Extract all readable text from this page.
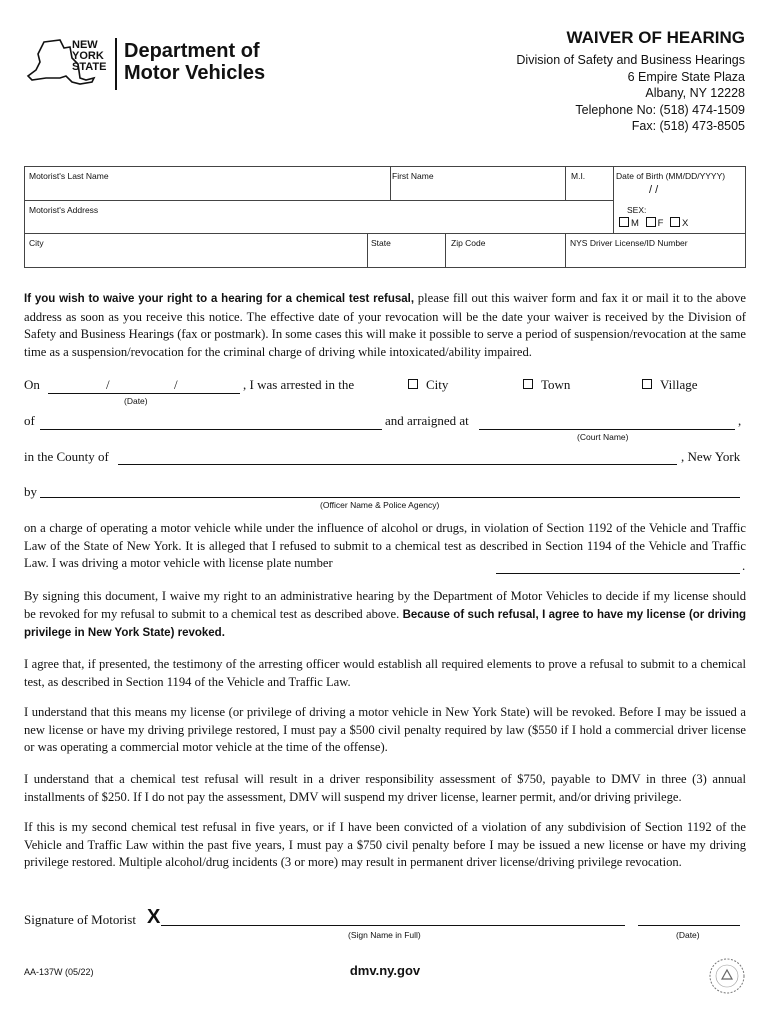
NEW
YORK
STATE
Department of
Motor Vehicles
WAIVER OF HEARING
Division of Safety and Business Hearings
6 Empire State Plaza
Albany, NY 12228
Telephone No: (518) 474-1509
Fax: (518) 473-8505
Motorist's Last Name	First Name	M.I.	Date of Birth (MM/DD/YYYY)
/ /
Motorist's Address	SEX:
M F X
City	State	Zip Code	NYS Driver License/ID Number
If you wish to waive your right to a hearing for a chemical test refusal, please fill out this waiver form and fax it or mail it to the above address as soon as you receive this notice. The effective date of your revocation will be the date your waiver is received by the Division of Safety and Business Hearings (fax or postmark). In some cases this will make it possible to serve a period of suspension/revocation at the same time as a suspension/revocation for the criminal charge of driving while intoxicated/ability impaired.
On	/	/	, I was arrested in the
(Date)
City	Town	Village
of	and arraigned at	,
(Court Name)
in the County of	, New York
by
(Officer Name & Police Agency)
on a charge of operating a motor vehicle while under the influence of alcohol or drugs, in violation of Section 1192 of the Vehicle and Traffic Law of the State of New York. It is alleged that I refused to submit to a chemical test as described in Section 1194 of the Vehicle and Traffic Law. I was driving a motor vehicle with license plate number	.
By signing this document, I waive my right to an administrative hearing by the Department of Motor Vehicles to decide if my license should be revoked for my refusal to submit to a chemical test as described above. Because of such refusal, I agree to have my license (or driving privilege in New York State) revoked.
I agree that, if presented, the testimony of the arresting officer would establish all required elements to prove a refusal to submit to a chemical test, as described in Section 1194 of the Vehicle and Traffic Law.
I understand that this means my license (or privilege of driving a motor vehicle in New York State) will be revoked. Before I may be issued a new license or have my driving privilege restored, I must pay a $500 civil penalty required by law ($550 if I hold a commercial driver license or was operating a commercial motor vehicle at the time of the offense).
I understand that a chemical test refusal will result in a driver responsibility assessment of $750, payable to DMV in three (3) annual installments of $250. If I do not pay the assessment, DMV will suspend my driver license, learner permit, and/or driving privilege.
If this is my second chemical test refusal in five years, or if I have been convicted of a violation of any subdivision of Section 1192 of the Vehicle and Traffic Law within the past five years, I must pay a $750 civil penalty before I may be issued a new license or have my driving privilege restored. Multiple alcohol/drug incidents (3 or more) may result in permanent driver license/driving privilege revocation.
Signature of Motorist X
(Sign Name in Full)	(Date)
AA-137W (05/22)	dmv.ny.gov
